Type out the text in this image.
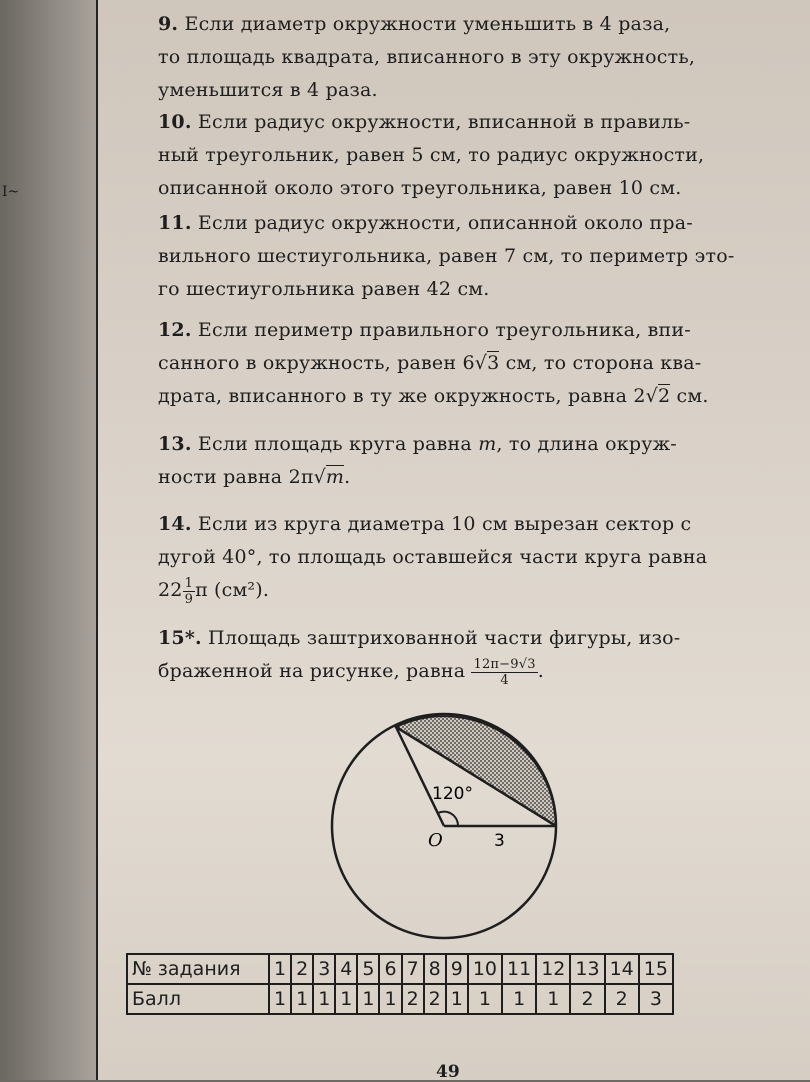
I~
9. Если диаметр окружности уменьшить в 4 раза,
то площадь квадрата, вписанного в эту окружность,
уменьшится в 4 раза.
10. Если радиус окружности, вписанной в правиль-
ный треугольник, равен 5 см, то радиус окружности,
описанной около этого треугольника, равен 10 см.
11. Если радиус окружности, описанной около пра-
вильного шестиугольника, равен 7 см, то периметр это-
го шестиугольника равен 42 см.
12. Если периметр правильного треугольника, впи-
санного в окружность, равен 6√3 см, то сторона ква-
драта, вписанного в ту же окружность, равна 2√2 см.
13. Если площадь круга равна m, то длина окруж-
ности равна 2π√m.
14. Если из круга диаметра 10 см вырезан сектор с
дугой 40°, то площадь оставшейся части круга равна
$22 \frac{1}{9}$ π (см²).
15*. Площадь заштрихованной части фигуры, изо-
браженной на рисунке, равна $\frac{12\pi-9√3}{4}$ .
120°
O	3
№ задания	1	2	3	4	5	6	7	8	9	10	11	12	13	14	15
Балл	1	1	1	1	1	1	2	2	1	1	1	1	2	2	3
49
